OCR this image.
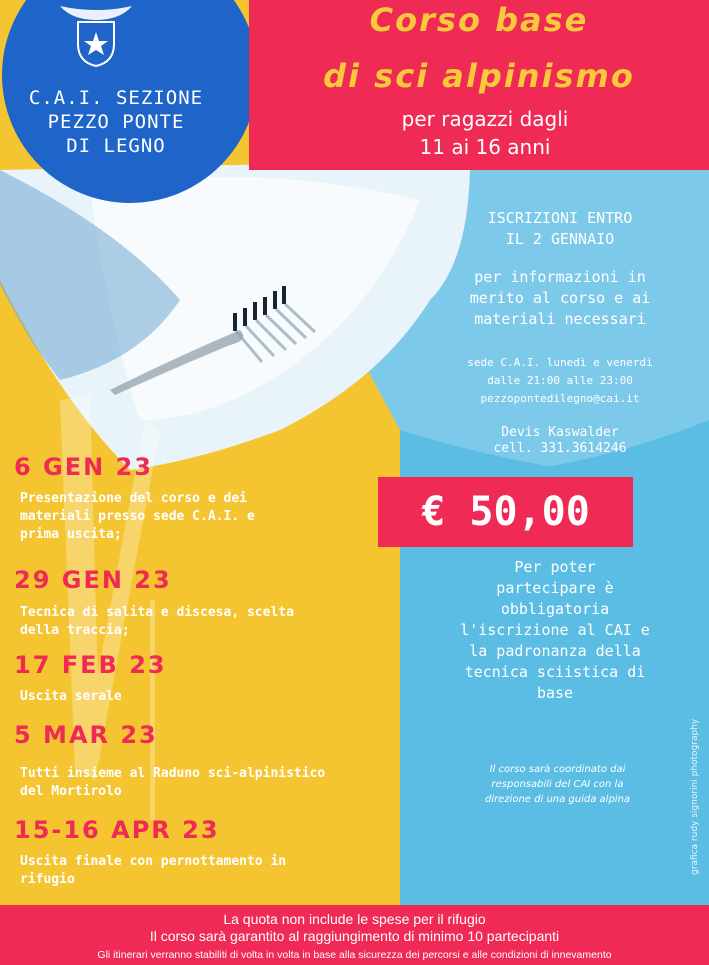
C.A.I. SEZIONE
PEZZO PONTE
DI LEGNO
Corso base
di sci alpinismo
per ragazzi dagli
11 ai 16 anni
ISCRIZIONI ENTRO
IL 2 GENNAIO
per informazioni in
merito al corso e ai
materiali necessari
sede C.A.I. lunedì e venerdì
dalle 21:00 alle 23:00
pezzopontedilegno@cai.it
Devis Kaswalder
cell. 331.3614246
€ 50,00
6 GEN 23
Presentazione del corso e dei
materiali presso sede C.A.I. e
prima uscita;
29 GEN 23
Tecnica di salita e discesa, scelta
della traccia;
17 FEB 23
Uscita serale
5 MAR 23
Tutti insieme al Raduno sci-alpinistico
del Mortirolo
15-16 APR 23
Uscita finale con pernottamento in
rifugio
Per poter
partecipare è
obbligatoria
l'iscrizione al CAI e
la padronanza della
tecnica sciistica di
base
Il corso sarà coordinato dai
responsabili del CAI con la
direzione di una guida alpina	grafica rudy signorini photography
La quota non include le spese per il rifugio
Il corso sarà garantito al raggiungimento di minimo 10 partecipanti
Gli itinerari verranno stabiliti di volta in volta in base alla sicurezza dei percorsi e alle condizioni di innevamento
